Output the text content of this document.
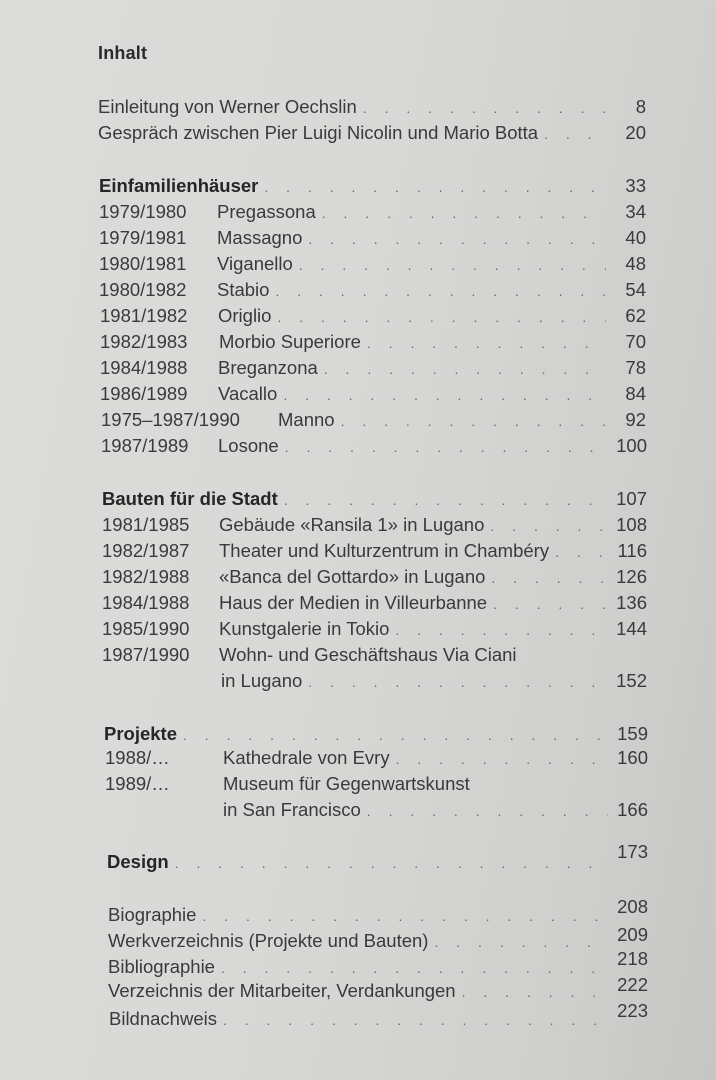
Inhalt
Einleitung von Werner Oechslin . . .	8
Gespräch zwischen Pier Luigi Nicolin und Mario Botta . . .	20
Einfamilienhäuser . . .	33
1979/1980	Pregassona . . .	34
1979/1981	Massagno . . .	40
1980/1981	Viganello . . .	48
1980/1982	Stabio . . .	54
1981/1982	Origlio . . .	62
1982/1983	Morbio Superiore . . .	70
1984/1988	Breganzona . . .	78
1986/1989	Vacallo . . .	84
1975–1987/1990	Manno . . .	92
1987/1989	Losone . . .	100
Bauten für die Stadt . . .	107
1981/1985	Gebäude «Ransila 1» in Lugano . . .	108
1982/1987	Theater und Kulturzentrum in Chambéry . . .	116
1982/1988	«Banca del Gottardo» in Lugano . . .	126
1984/1988	Haus der Medien in Villeurbanne . . .	136
1985/1990	Kunstgalerie in Tokio . . .	144
1987/1990	Wohn- und Geschäftshaus Via Ciani
in Lugano . . .	152
Projekte . . .	159
1988/…	Kathedrale von Evry . . .	160
1989/…	Museum für Gegenwartskunst
in San Francisco . . .	166
Design . . .	173
Biographie . . .	208
Werkverzeichnis (Projekte und Bauten) . . .	209
Bibliographie . . .	218
Verzeichnis der Mitarbeiter, Verdankungen . . .	222
Bildnachweis . . .	223
